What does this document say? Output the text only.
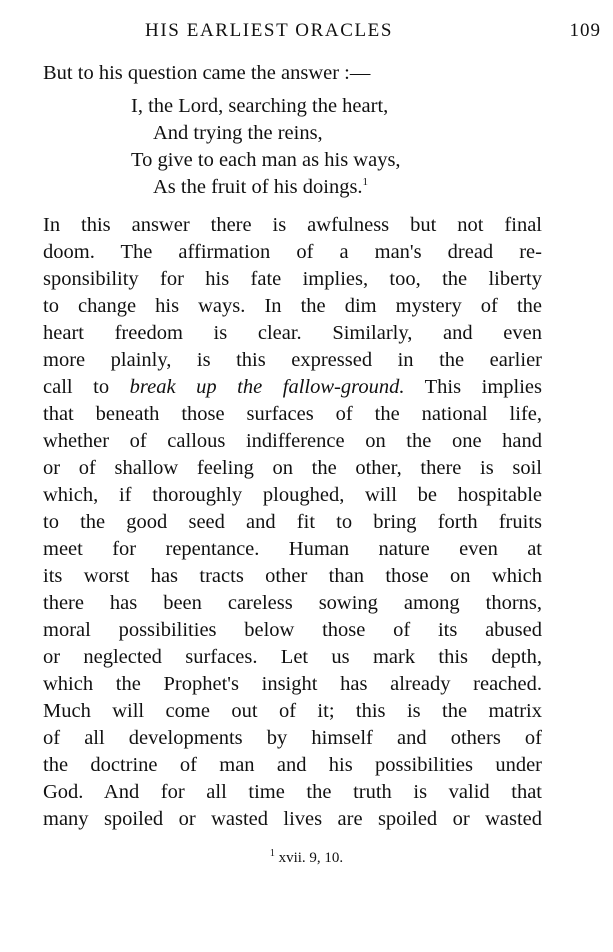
HIS EARLIEST ORACLES	109
But to his question came the answer :—
I, the Lord, searching the heart,
And trying the reins,
To give to each man as his ways,
As the fruit of his doings.$^1$
In this answer there is awfulness but not final
doom. The affirmation of a man's dread re-
sponsibility for his fate implies, too, the liberty
to change his ways. In the dim mystery of the
heart freedom is clear. Similarly, and even
more plainly, is this expressed in the earlier
call to break up the fallow-ground. This implies
that beneath those surfaces of the national life,
whether of callous indifference on the one hand
or of shallow feeling on the other, there is soil
which, if thoroughly ploughed, will be hospitable
to the good seed and fit to bring forth fruits
meet for repentance. Human nature even at
its worst has tracts other than those on which
there has been careless sowing among thorns,
moral possibilities below those of its abused
or neglected surfaces. Let us mark this depth,
which the Prophet's insight has already reached.
Much will come out of it; this is the matrix
of all developments by himself and others of
the doctrine of man and his possibilities under
God. And for all time the truth is valid that
many spoiled or wasted lives are spoiled or wasted
$^1$ xvii. 9, 10.
